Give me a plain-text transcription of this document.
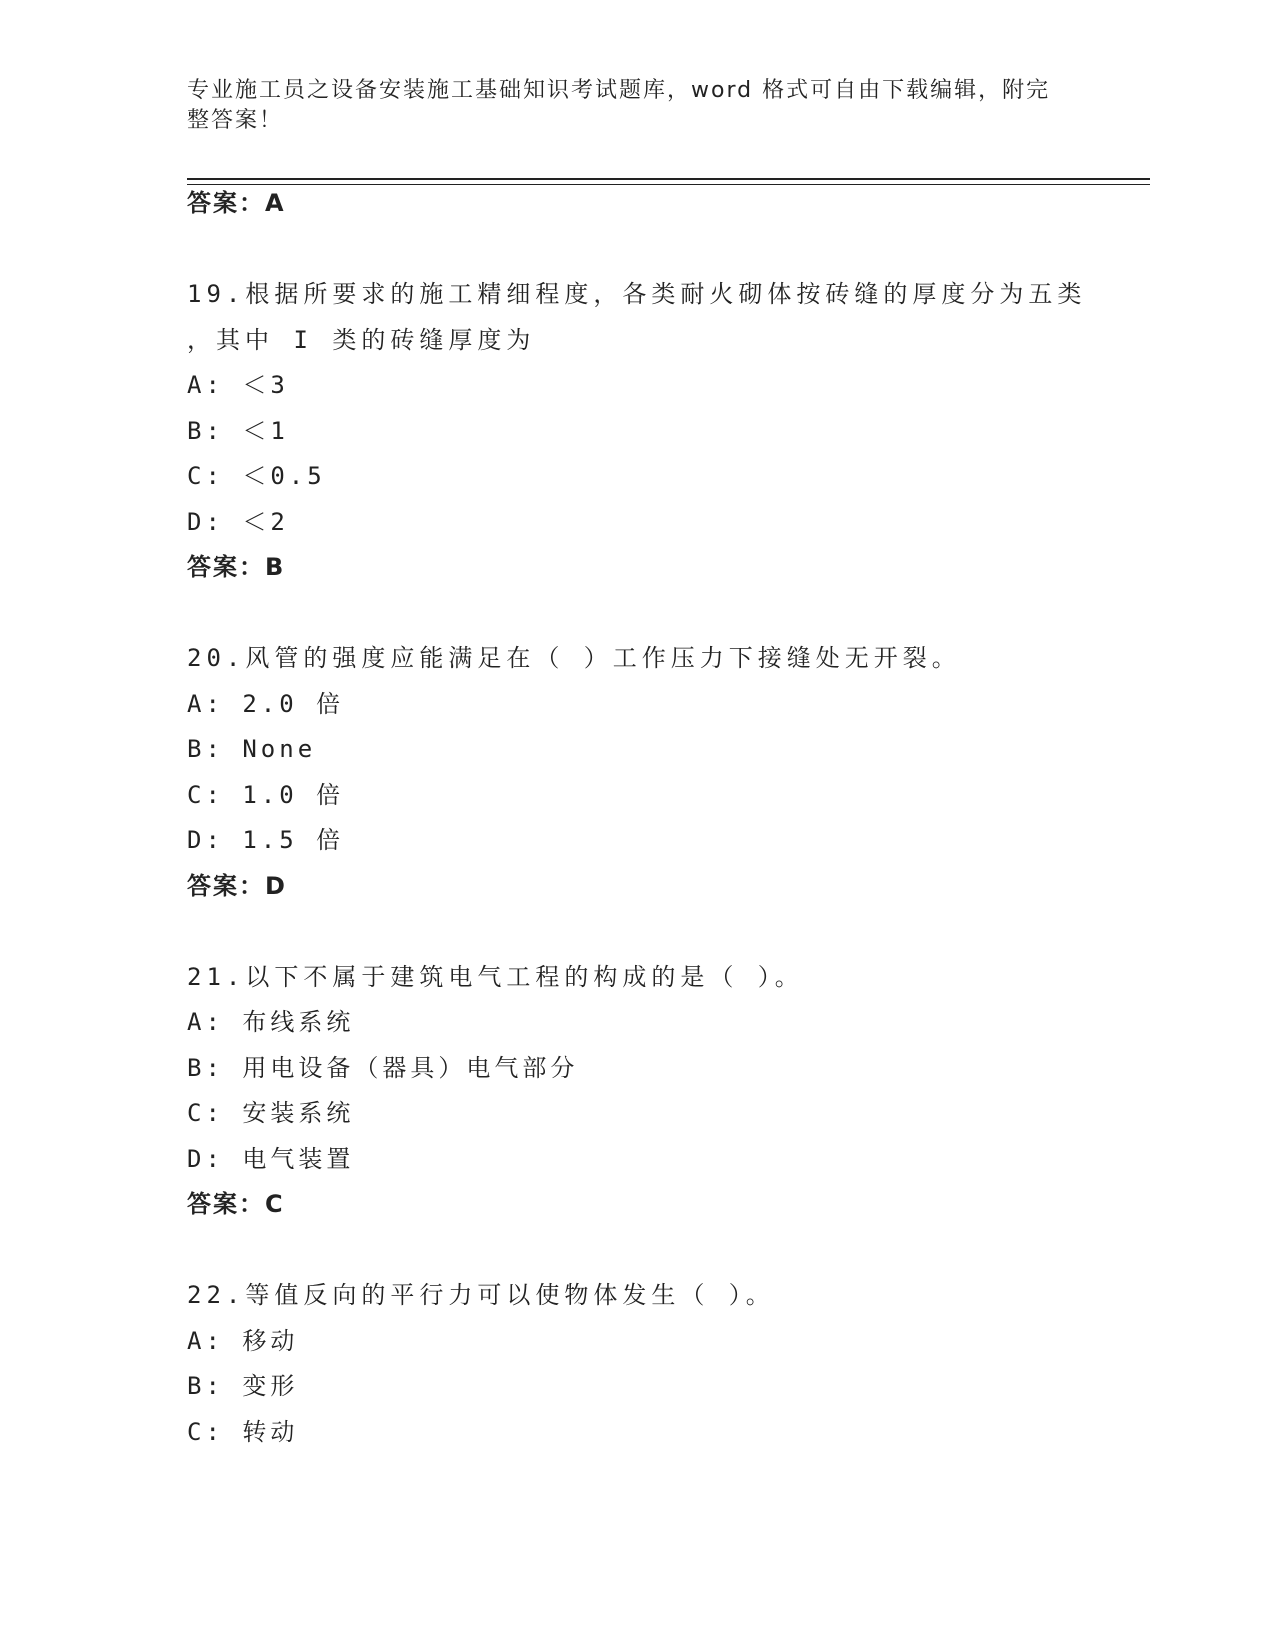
专业施工员之设备安装施工基础知识考试题库，word 格式可自由下载编辑，附完
整答案！
答案：A
19.根据所要求的施工精细程度，各类耐火砌体按砖缝的厚度分为五类
，其中 I 类的砖缝厚度为
A: ＜3
B: ＜1
C: ＜0.5
D: ＜2
答案：B
20.风管的强度应能满足在（ ）工作压力下接缝处无开裂。
A: 2.0 倍
B: None
C: 1.0 倍
D: 1.5 倍
答案：D
21.以下不属于建筑电气工程的构成的是（ ）。
A: 布线系统
B: 用电设备（器具）电气部分
C: 安装系统
D: 电气装置
答案：C
22.等值反向的平行力可以使物体发生（ ）。
A: 移动
B: 变形
C: 转动
